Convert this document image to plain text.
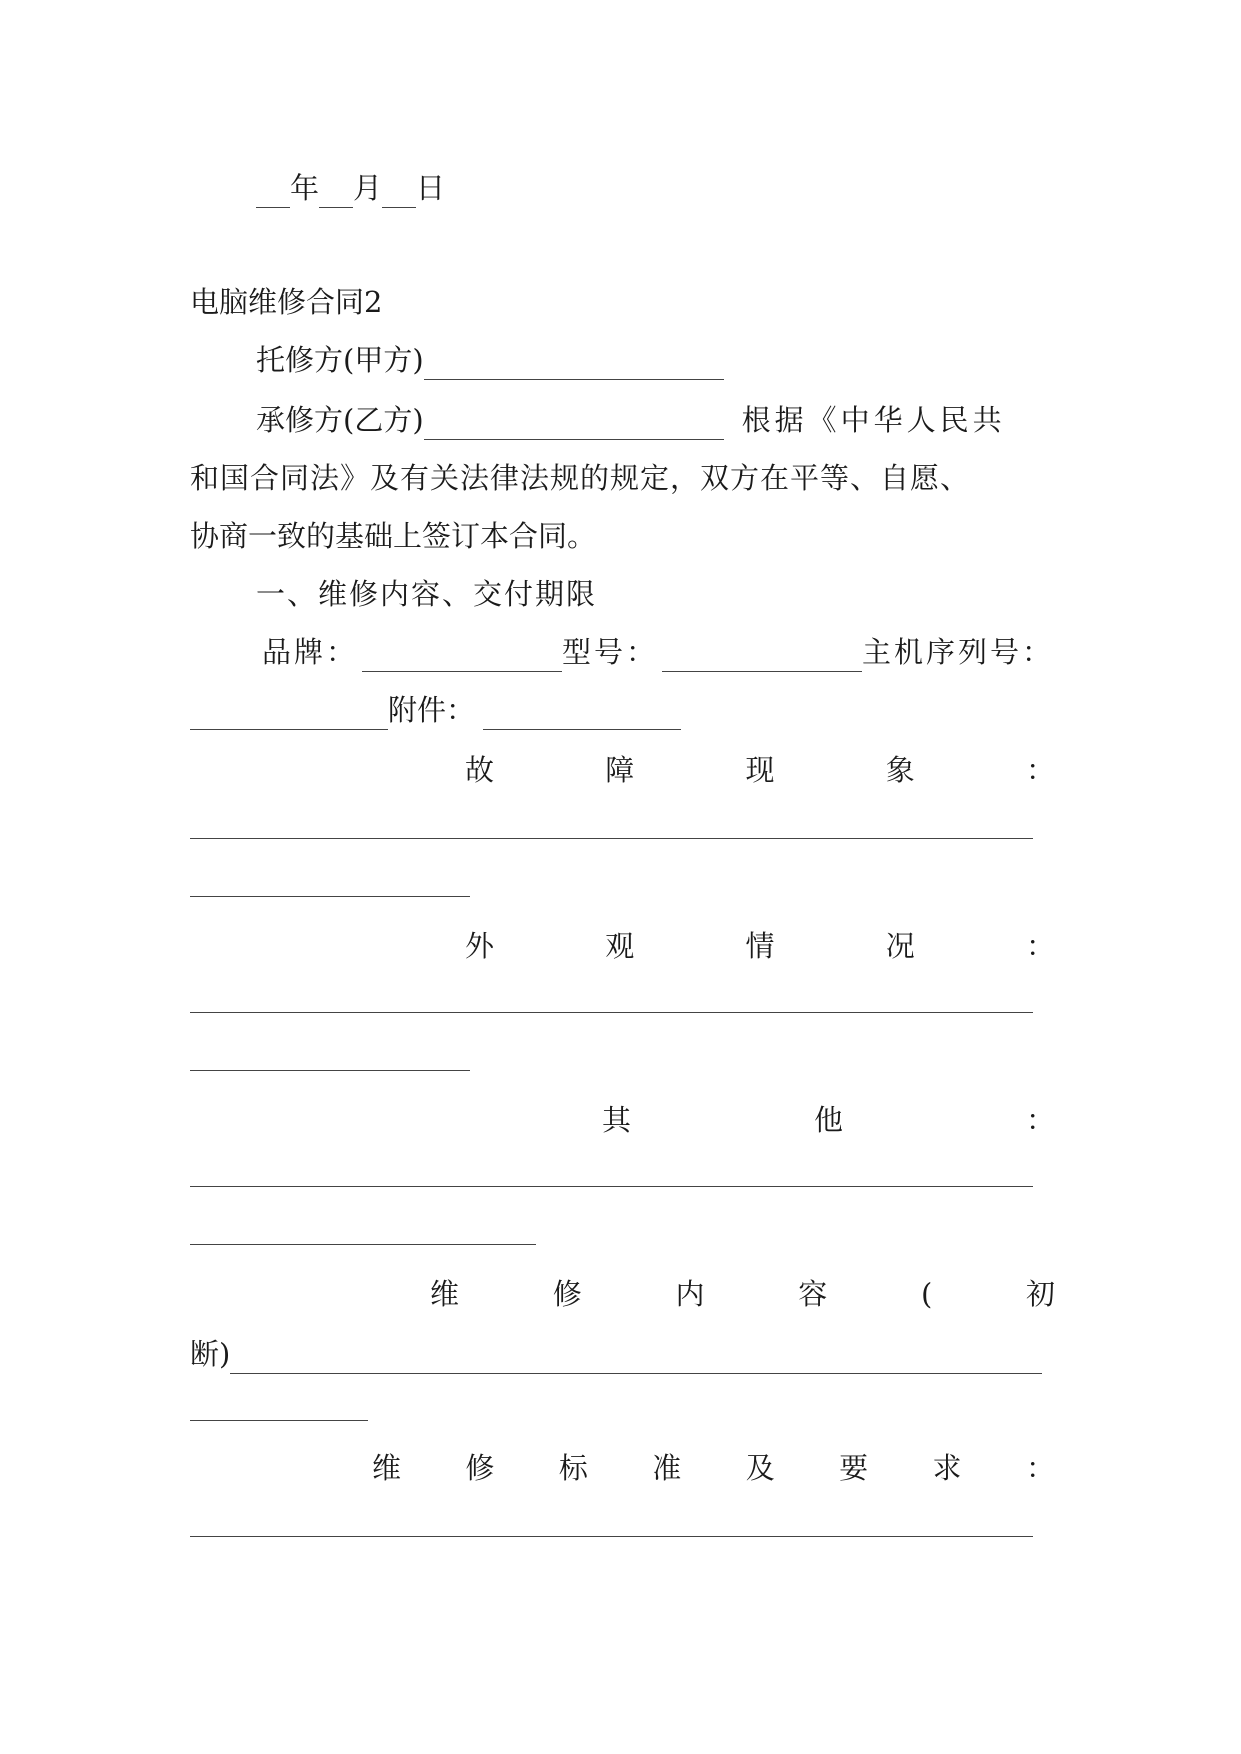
年 月 日
电脑维修合同2
托修方(甲方)
承修方(乙方)	根据《中华人民共
和国合同法》及有关法律法规的规定，双方在平等、自愿、
协商一致的基础上签订本合同。
一、维修内容、交付期限
品牌：	型号：	主机序列号：
附件：
故	障	现	象	：
外	观	情	况	：
其	他	：
维	修	内	容	(	初
断)
维 修 标 准 及 要 求 ：
